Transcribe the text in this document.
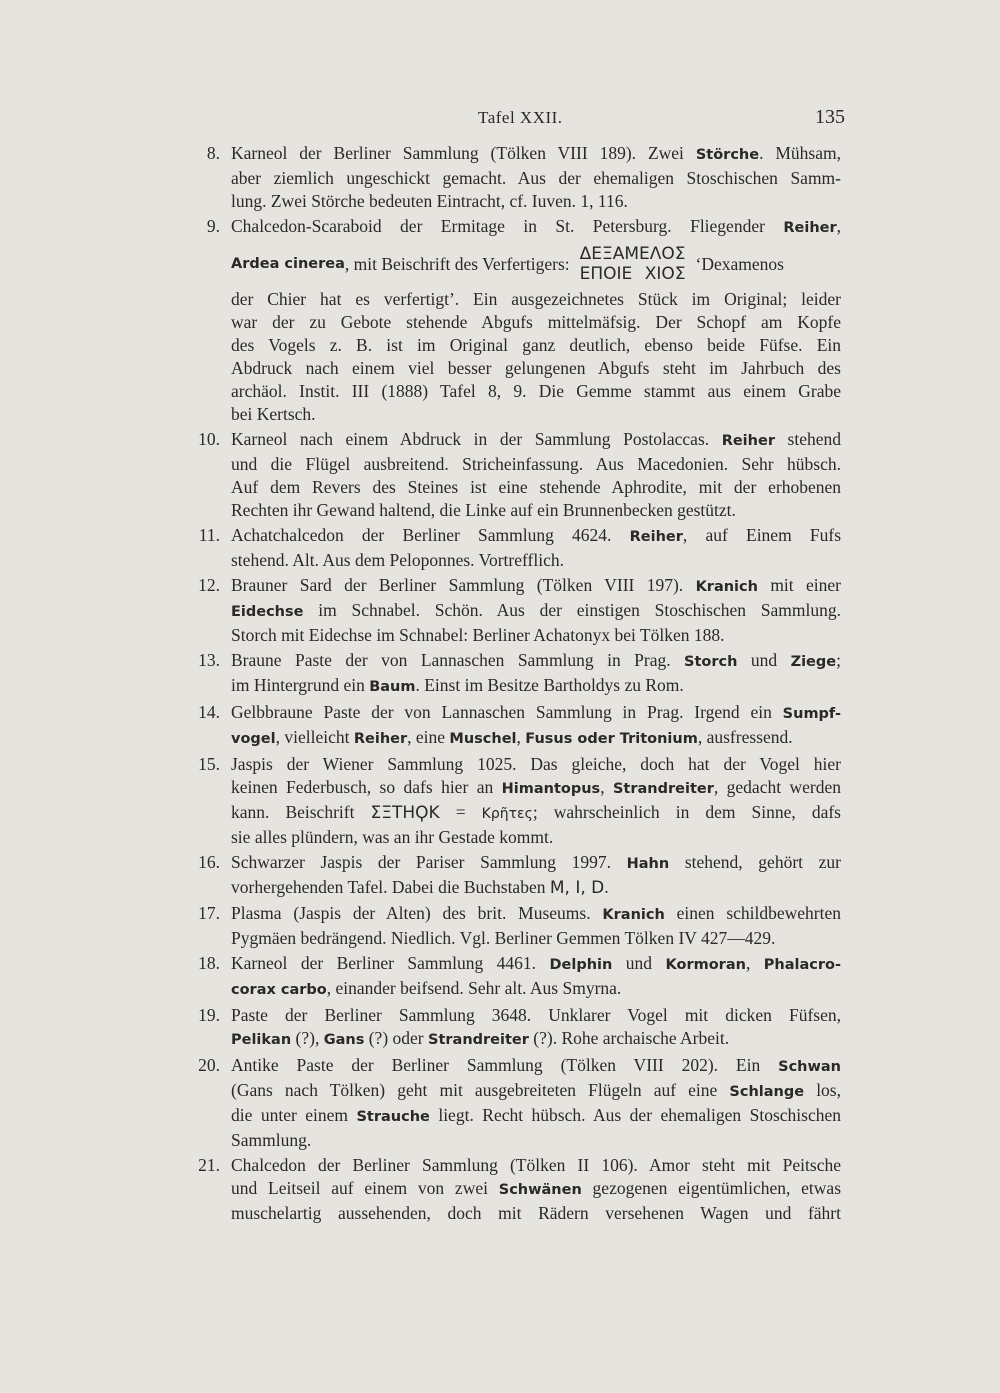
Tafel XXII.	135
8. Karneol der Berliner Sammlung (Tölken VIII 189). Zwei Störche. Mühsam,
aber ziemlich ungeschickt gemacht. Aus der ehemaligen Stoschischen Samm-
lung. Zwei Störche bedeuten Eintracht, cf. Iuven. 1, 116.
9. Chalcedon-Scaraboid der Ermitage in St. Petersburg. Fliegender Reiher,
Ardea cinerea , mit Beischrift des Verfertigers: ΔΕΞΑΜΕΛΟΣ
ΕΠΟΙΕ ΧΙΟΣ
‘Dexamenos
der Chier hat es verfertigt’. Ein ausgezeichnetes Stück im Original; leider
war der zu Gebote stehende Abgufs mittelmäfsig. Der Schopf am Kopfe
des Vogels z. B. ist im Original ganz deutlich, ebenso beide Füfse. Ein
Abdruck nach einem viel besser gelungenen Abgufs steht im Jahrbuch des
archäol. Instit. III (1888) Tafel 8, 9. Die Gemme stammt aus einem Grabe
bei Kertsch.
10. Karneol nach einem Abdruck in der Sammlung Postolaccas. Reiher stehend
und die Flügel ausbreitend. Stricheinfassung. Aus Macedonien. Sehr hübsch.
Auf dem Revers des Steines ist eine stehende Aphrodite, mit der erhobenen
Rechten ihr Gewand haltend, die Linke auf ein Brunnenbecken gestützt.
11. Achatchalcedon der Berliner Sammlung 4624. Reiher, auf Einem Fufs
stehend. Alt. Aus dem Peloponnes. Vortrefflich.
12. Brauner Sard der Berliner Sammlung (Tölken VIII 197). Kranich mit einer
Eidechse im Schnabel. Schön. Aus der einstigen Stoschischen Sammlung.
Storch mit Eidechse im Schnabel: Berliner Achatonyx bei Tölken 188.
13. Braune Paste der von Lannaschen Sammlung in Prag. Storch und Ziege;
im Hintergrund ein Baum. Einst im Besitze Bartholdys zu Rom.
14. Gelbbraune Paste der von Lannaschen Sammlung in Prag. Irgend ein Sumpf-
vogel, vielleicht Reiher, eine Muschel, Fusus oder Tritonium, ausfressend.
15. Jaspis der Wiener Sammlung 1025. Das gleiche, doch hat der Vogel hier
keinen Federbusch, so dafs hier an Himantopus, Strandreiter, gedacht werden
kann. Beischrift ΣΞΤΗϘΚ = Κρῆτες; wahrscheinlich in dem Sinne, dafs
sie alles plündern, was an ihr Gestade kommt.
16. Schwarzer Jaspis der Pariser Sammlung 1997. Hahn stehend, gehört zur
vorhergehenden Tafel. Dabei die Buchstaben Μ, Ι, D.
17. Plasma (Jaspis der Alten) des brit. Museums. Kranich einen schildbewehrten
Pygmäen bedrängend. Niedlich. Vgl. Berliner Gemmen Tölken IV 427—429.
18. Karneol der Berliner Sammlung 4461. Delphin und Kormoran, Phalacro-
corax carbo, einander beifsend. Sehr alt. Aus Smyrna.
19. Paste der Berliner Sammlung 3648. Unklarer Vogel mit dicken Füfsen,
Pelikan (?), Gans (?) oder Strandreiter (?). Rohe archaische Arbeit.
20. Antike Paste der Berliner Sammlung (Tölken VIII 202). Ein Schwan
(Gans nach Tölken) geht mit ausgebreiteten Flügeln auf eine Schlange los,
die unter einem Strauche liegt. Recht hübsch. Aus der ehemaligen Stoschischen
Sammlung.
21. Chalcedon der Berliner Sammlung (Tölken II 106). Amor steht mit Peitsche
und Leitseil auf einem von zwei Schwänen gezogenen eigentümlichen, etwas
muschelartig aussehenden, doch mit Rädern versehenen Wagen und fährt
